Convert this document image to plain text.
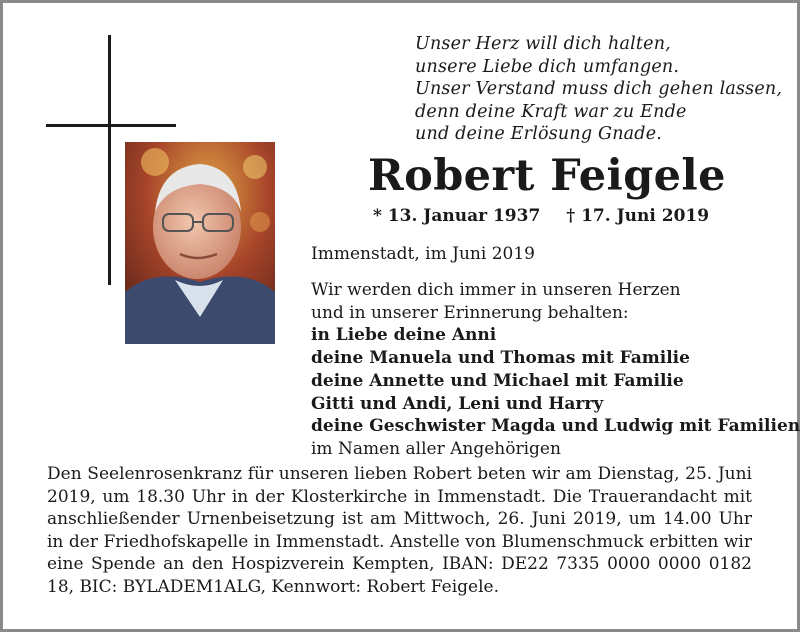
Unser Herz will dich halten,
unsere Liebe dich umfangen.
Unser Verstand muss dich gehen lassen,
denn deine Kraft war zu Ende
und deine Erlösung Gnade.
Robert Feigele
* 13. Januar 1937 † 17. Juni 2019
Immenstadt, im Juni 2019
Wir werden dich immer in unseren Herzen
und in unserer Erinnerung behalten:
in Liebe deine Anni
deine Manuela und Thomas mit Familie
deine Annette und Michael mit Familie
Gitti und Andi, Leni und Harry
deine Geschwister Magda und Ludwig mit Familien
im Namen aller Angehörigen
Den Seelenrosenkranz für unseren lieben Robert beten wir am Dienstag, 25. Juni 2019, um 18.30 Uhr in der Klosterkirche in Immenstadt. Die Trauerandacht mit anschließender Urnenbeisetzung ist am Mittwoch, 26. Juni 2019, um 14.00 Uhr in der Friedhofskapelle in Immenstadt. Anstelle von Blumenschmuck erbitten wir eine Spende an den Hospizverein Kempten, IBAN: DE22 7335 0000 0000 0182 18, BIC: BYLADEM1ALG, Kennwort: Robert Feigele.
